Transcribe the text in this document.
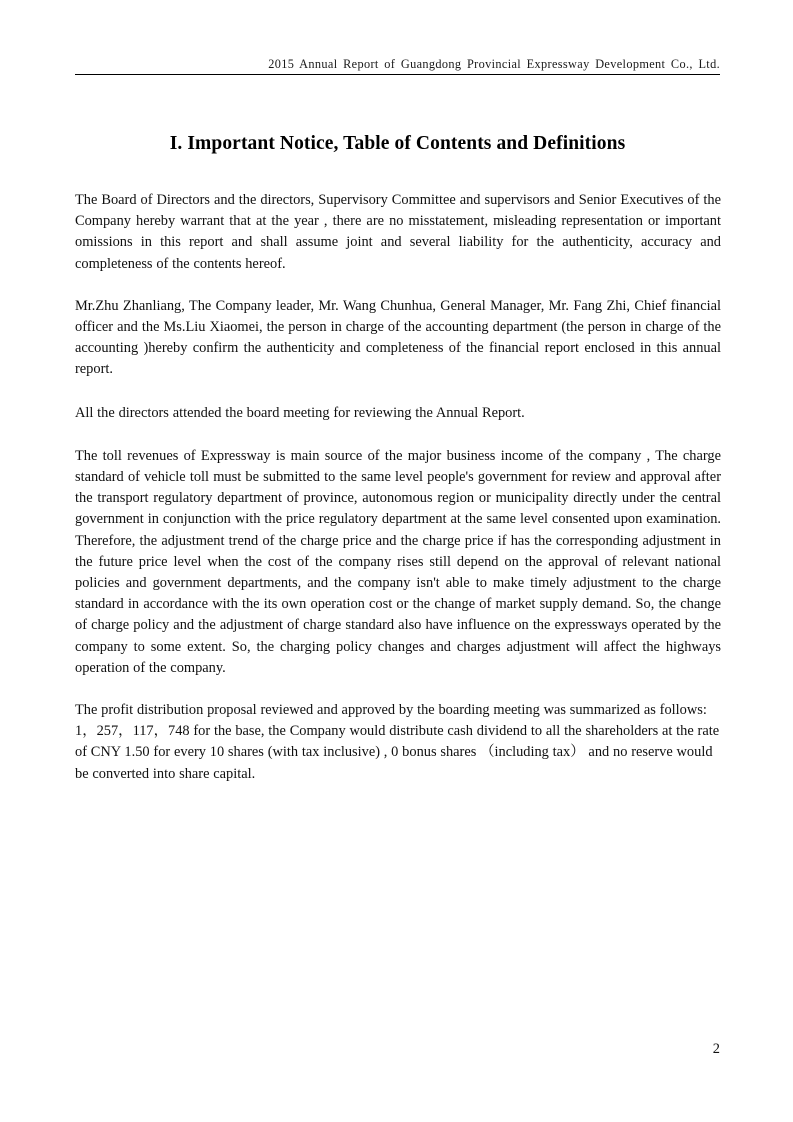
2015 Annual Report of Guangdong Provincial Expressway Development Co., Ltd.
I. Important Notice, Table of Contents and Definitions

The Board of Directors and the directors, Supervisory Committee and supervisors and Senior Executives of the Company hereby warrant that at the year , there are no misstatement, misleading representation or important omissions in this report and shall assume joint and several liability for the authenticity, accuracy and completeness of the contents hereof.

Mr.Zhu Zhanliang, The Company leader, Mr. Wang Chunhua, General Manager, Mr. Fang Zhi, Chief financial officer and the Ms.Liu Xiaomei, the person in charge of the accounting department (the person in charge of the accounting )hereby confirm the authenticity and completeness of the financial report enclosed in this annual report.

All the directors attended the board meeting for reviewing the Annual Report.

The toll revenues of Expressway is main source of the major business income of the company , The charge standard of vehicle toll must be submitted to the same level people's government for review and approval after the transport regulatory department of province, autonomous region or municipality directly under the central government in conjunction with the price regulatory department at the same level consented upon examination. Therefore, the adjustment trend of the charge price and the charge price if has the corresponding adjustment in the future price level when the cost of the company rises still depend on the approval of relevant national policies and government departments, and the company isn't able to make timely adjustment to the charge standard in accordance with the its own operation cost or the change of market supply demand. So, the change of charge policy and the adjustment of charge standard also have influence on the expressways operated by the company to some extent. So, the charging policy changes and charges adjustment will affect the highways operation of the company.

The profit distribution proposal reviewed and approved by the boarding meeting was summarized as follows: 1，257，117，748 for the base, the Company would distribute cash dividend to all the shareholders at the rate of CNY 1.50 for every 10 shares (with tax inclusive) , 0 bonus shares （including tax） and no reserve would be converted into share capital.

2
